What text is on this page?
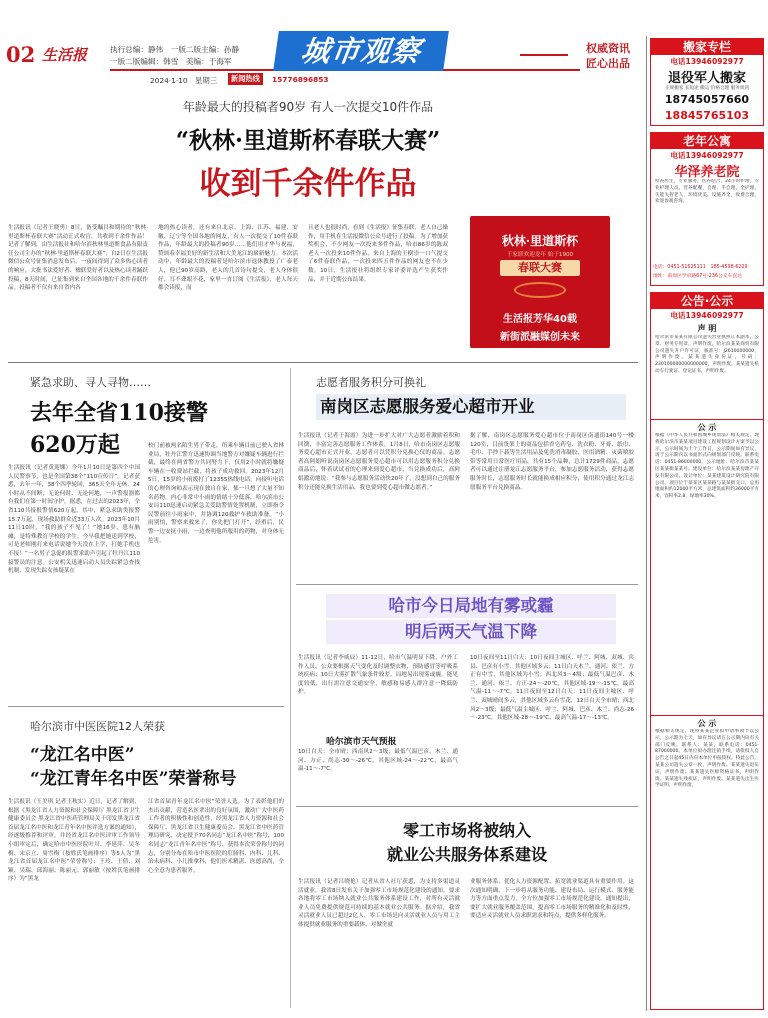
02 生活报	执行总编：静伟　一版二版主编：孙静
一版二版编辑：韩雪　美编：于海军
2024·1·10　星期三	新闻热线	15776896853
城市观察	权威资讯
匠心出品
年龄最大的投稿者90岁 有人一次提交10件作品
“秋林·里道斯杯春联大赛”
收到千余件作品
生活报讯（记者王晓勇）8日，备受瞩目和期待的“秋林·里道斯杯春联大赛”活动正式收官，共收到千余件作品！记者了解到，由生活报社和哈尔滨秋林里道斯食品有限责任公司主办的“秋林·里道斯杯春联大赛”，自2日在生活报微信公众号征集消息发布后，一夜间得到了众多热心读者的响应。大批书法爱好者、楹联爱好者以及热心读者踊跃投稿，8天时间，已征集到来自全国各地的千余件春联作品。投稿者不仅有来自省内各
地的热心读者，还有来自北京、上海、江苏、福建、安徽、辽宁等全国各地的网友，有人一次提交了10件春联作品，年龄最大的投稿者90岁……他们用才华与祝福，赞颂着幸福美好的新生活和大美龙江的崭新魅力。本次活动中，年龄最大的投稿者是哈尔滨市退休教授了广泰老人，他已90岁高龄，老人的几首诗句提交，老人身体很好，耳不聋眼不花，家里一直订阅《生活报》，老人每天都会读报，而
且老人也很时尚，看到《生活报》征集春联，老人自己操作，用手机在生活报微信公众号进行了投稿。为了增加获奖机会，不少网友一次投来多件作品，哈市86岁的陈双老人一次投来10件作品，来自上海的王樹崇一口气提交了6件春联作品，一次投来四五件作品的网友也不在少数。10日，生活报社将组织专家评委评选产生获奖作品，并于近期公布结果。
秋林·里道斯杯
千家联欢迎龙年 始于1900
春联大赛
生活报芳华40载
新街派融媒创未来
紧急求助、寻人寻物……
去年全省110接警
620万起
生活报讯（记者黄迎娜）今年1月10日是第四个中国人民警察节，也是全国第38个“110宣传日”。记者获悉，去年一年，38个四季轮回，365天全年无休，24小时从不间断，无论何时、无论何地，一声警报器都有我们在第一时间守护。据悉，在过去的2023年，全省110共接报警情620万起，其中，紧急求助类报警15.7万起，现场救助群众近33万人次。2023年10月11日10时，“我的孩子不见了！”她16岁，患有脑瘫，是特殊教育学校的学生，今早我把她送到学校，可是老师刚打来电话说她今天没在上学，打她手机也不接！”一名男子急促的报警求助声引起了牡丹江110接警员的注意。公安机关迅速启动人员失踪紧急查找机制，发现失踪女孩疑某在
校门前被两名陌生男子带走，所乘车辆目前已驶入省林业局，牡丹江警方迅速协调当地警方对嫌疑车辆进行拦截，最终在两省警方共同努力下，仅用2小时就将嫌疑车辆在一收费站拦截，将孩子成功救回。2023年12月5日，15岁的小雨拨打了12355热线电话，向接听电话的心理咨询师表示现在独自在家，郁一旦想了大量不知名药物，内心非常中小雨的情绪十分低落，哈尔滨市公安局110迅速启动紧急关爱助警情处置机制，立即指令民警前往小雨家中，并协调120救护车救助准备。“小雨别怕，警察来救来了，你先把门打开”，经重后，民警一边安抚小雨，一边查明他所服用的药物，对身体无危害。
哈尔滨市中医医院12人荣获
“龙江名中医”
“龙江青年名中医”荣誉称号
生活报讯（王美琪 记者王秋实）近日，记者了解到，根据《黑龙江省人力资源和社会保障厅 黑龙江省卫生健康委员会 黑龙江省中医药管理局关于印发黑龙江省首届龙江名中医和龙江青年名中医评选方案的通知》，经逐级推荐和评审，并经省龙江名中医评审工作领导小组审定后，确定哈市中医医院叶川、李延萍、吴冬梅、宋京立、周雪梅（按姓氏笔画排序）等5人为“黑龙江省首届龙江名中医”荣誉称号；王玲、王倩、刘颖、吴瑞、邱海丽、陈丽元、郭丽敏（按姓氏笔画排序）为“黑龙
江省首届青年龙江名中医”荣誉人选。为了表彰他们的杰出贡献，营造名医辈出的良好氛围，激动广大中医药工作者的积极性和创造性，经黑龙江省人力资源和社会保障厅、黑龙江省卫生健康委员会、黑龙江省中医药管理局研究，决定授予70名同志“龙江名中医”称号，100名同志“龙江青年名中医”称号。获得本次荣誉称号的同志，分别分布在哈市中医医院的肛肠科、内科、儿科、治未病科、小儿推拿科，他们医术精湛、医德高尚，全心全意为患者服务。
志愿者服务积分可换礼
南岗区志愿服务爱心超市开业
生活报讯（记者于海霞）为进一步扩大对广大志愿者激励着积和回馈，丰富完善志愿服务工作体系，1月8日，哈市南岗区志愿服务爱心超市正式开业，志愿者可以凭积分兑换心仪的商品。志愿者高阿娟听说南岗区志愿服务爱心超市可以用志愿服务积分兑换商品后，怀着试试看的心理来到爱心超市，当兑换成功后，高阿娟激动地说：“我参与志愿服务活动快20年了，没想到自己的服务积分还能兑换生活用品，我也要到爱心超市做志愿者。”
据了解，南岗区志愿服务爱心超市位于南岗区南通街140号一楼120室，目前货架上的商品包括香皂药皂、洗衣粉、牙膏、纸巾、毛巾、手抄下载等生活用品及免洗消毒凝胶、医用酒精、灭菌喷胶带等常用日常医疗用品，共有15个品种，总计1729件商品。志愿者可以通过注册龙江志愿服务平台，参加志愿服务活动，获得志愿服务时长，志愿服务时长就能换成相应积分，使用积分通过龙江志愿服务平台兑换商品。
哈市今日局地有雾或霾
明后两天气温下降
生活报讯（记者李威辰）11-12日，哈市气温明显下降，户外工作人员、公众要根据天气变化及时调整衣物，预防感冒等呼吸系统疾病；10日大雾扩散气象条件较差，局地易出现雾或霾，能见度较低，出行需注意交通安全，敏感和易感人群注意一降低防护。
哈尔滨市天气预报
10日白天：全市晴；西南风2～3级；最低气温巴彦、木兰、通河、方正、尚志-30～-26℃，其他区域-24～-22℃，最高气温-11～-7℃。
10日夜间至11日白天：10日夜间主城区、呼兰、阿城、双城、宾县、巴彦有小雪，其他区域多云；11日白天木兰、通河、依兰、方正有中雪，其他区域为小雪；西北风3～4级；最低气温巴彦、木兰、通河、依兰、方正-24～-20℃，其他区域-19～-15℃，最高气温-11～-7℃。11日夜间至12日白天：11日夜间主城区、呼兰、双城晴间多云，其他区域多云有雪花，12日白天全市晴；西北风2～3级；最低气温主城区、呼兰、阿城、巴彦、木兰、尚志-26～-23℃，其他区域-28～-19℃，最高气温-17～-13℃。
零工市场将被纳入
就业公共服务体系建设
生活报讯（记者吕晓艳）记者从省人社厅获悉，为支持多渠道灵活就业，我省8日发布关于加强零工市场规范化建设的通知，要求各地将零工市场纳入就业公共服务体系建设工作，对所有灵活就业人员免费提供规范可持续的基本就业公共服务。据介绍，我省灵活就业人员已超过2亿人，零工市场是向灵活就业人员与用工主体提供就业服务的重要载体，对做全就
业服务体系、优化人力资源配置、拓宽就业渠道具有重要作用。这次通知明确，下一步将从服务功能、建设布局、运行模式、服务能力等方面重点发力，全方位加强零工市场规范化建设。通知提出，要扩大就业服务覆盖范围，提高零工市场服务的精准化和及时性，要适应灵活就业人员求职需求和特点，提供多样化服务。
搬家专栏
电话13946092977
退役军人搬家
正规搬家 长短途 搬运 价格合理 服务周到
18745057660
18845765103
老年公寓
电话13946092977
华泽养老院
检查医生，专业服务，医养结合，24小时护理，专业护理人员，营养配餐，自理、半自理、全护理、失能失智老人，环境优美，设施齐全，收费合理，欢迎参观咨询。
电话：0451-51625111　185-4598-6229
地址：南岗区学府路67号-236公交车直达
公告·公示
电话13946092977
声 明
哈尔滨市某某有限公司遗失营业执照正本副本、公章、财务专用章，声明作废。哈尔滨某某商贸有限公司遗失开户许可证，核准号：J2610000000，声明作废。某某遗失身份证，号码：230100000000000000，声明作废。某某遗失机动车行驶证、登记证书，声明作废。
公 示
根据《中华人民共和国城乡规划法》相关规定，现将哈尔滨市某某项目建设工程规划设计方案予以公示，公示时间为十个工作日，公示期间如有异议，请于公示期内以书面形式向规划部门反映。联系电话：0451-86000000。公示地址：哈尔滨市某某区某某街某某号。建设单位：哈尔滨某某房地产开发有限公司。设计单位：某某建筑设计研究院有限公司。项目位于某某区某某路与某某街交口，总用地面积约12000平方米，总建筑面积约36000平方米，容积率2.8，绿地率30%。
公 示
根据相关规定，现将某某企业拟申请事项予以公示，公示期为七天，如有异议请在公示期内向有关部门反映。联系人：某某，联系电话：0451-87000000。本单位拟办理注销手续，请债权人自公告之日起45日内向本单位申报债权。特此公告。某某公司遗失公章一枚，声明作废。某某遗失退伍证，声明作废。某某遗失医师资格证书，声明作废。某某遗失残疾证，声明作废。某某遗失出生医学证明，声明作废。
